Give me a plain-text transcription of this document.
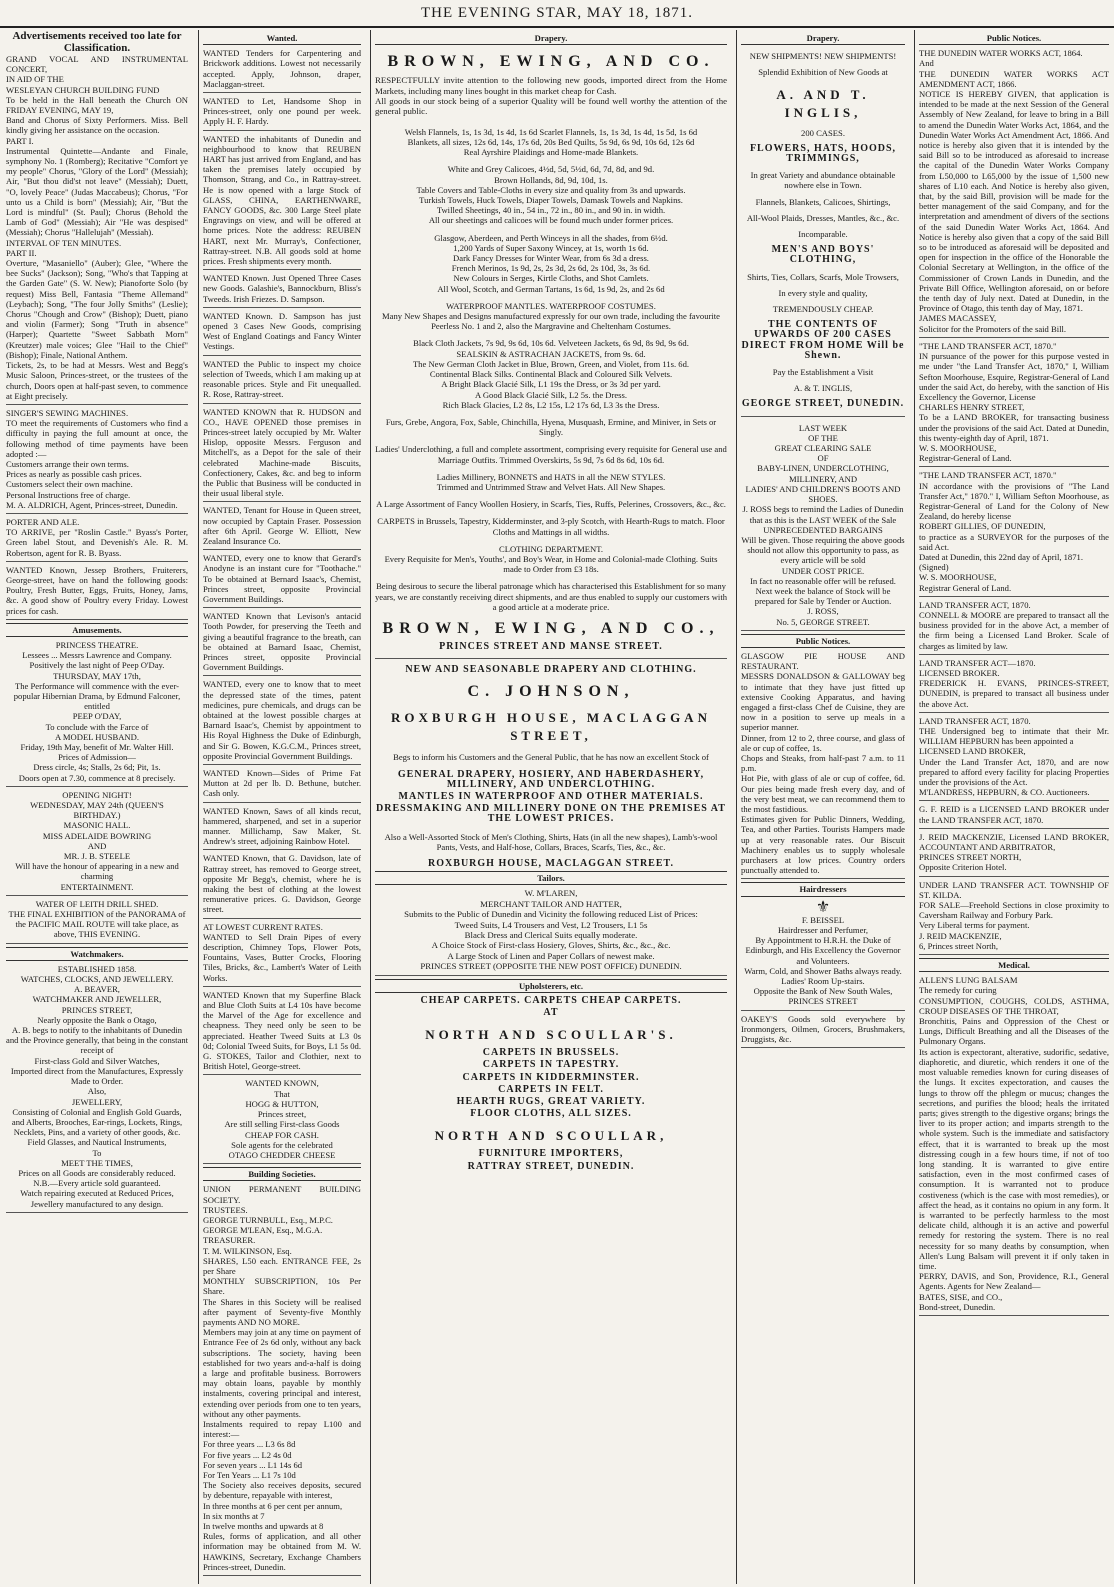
THE EVENING STAR, MAY 18, 1871.
Advertisements received too late for Classification.
GRAND VOCAL AND INSTRUMENTAL CONCERT,
IN AID OF THE
WESLEYAN CHURCH BUILDING FUND
To be held in the Hall beneath the Church ON FRIDAY EVENING, MAY 19,
Band and Chorus of Sixty Performers. Miss. Bell kindly giving her assistance on the occasion.
PART I.
Instrumental Quintette—Andante and Finale, symphony No. 1 (Romberg); Recitative "Comfort ye my people" Chorus, "Glory of the Lord" (Messiah); Air, "But thou did'st not leave" (Messiah); Duett, "O, lovely Peace" (Judas Maccabeus); Chorus, "For unto us a Child is born" (Messiah); Air, "But the Lord is mindful" (St. Paul); Chorus (Behold the Lamb of God" (Messiah); Air "He was despised" (Messiah); Chorus "Hallelujah" (Messiah).
INTERVAL OF TEN MINUTES.
PART II.
Overture, "Masaniello" (Auber); Glee, "Where the bee Sucks" (Jackson); Song, "Who's that Tapping at the Garden Gate" (S. W. New); Pianoforte Solo (by request) Miss Bell, Fantasia "Theme Allemand" (Leybach); Song, "The four Jolly Smiths" (Leslie); Chorus "Chough and Crow" (Bishop); Duett, piano and violin (Farmer); Song "Truth in absence" (Harper); Quartette "Sweet Sabbath Morn" (Kreutzer) male voices; Glee "Hail to the Chief" (Bishop); Finale, National Anthem.
Tickets, 2s, to be had at Messrs. West and Begg's Music Saloon, Princes-street, or the trustees of the church, Doors open at half-past seven, to commence at Eight precisely.
SINGER'S SEWING MACHINES.
TO meet the requirements of Customers who find a difficulty in paying the full amount at once, the following method of time payments have been adopted :—
Customers arrange their own terms.
Prices as nearly as possible cash prices.
Customers select their own machine.
Personal Instructions free of charge.
M. A. ALDRICH, Agent, Princes-street, Dunedin.
PORTER AND ALE.
TO ARRIVE, per "Roslin Castle." Byass's Porter, Green label Stout, and Devenish's Ale. R. M. Robertson, agent for R. B. Byass.
WANTED Known, Jessep Brothers, Fruiterers, George-street, have on hand the following goods: Poultry, Fresh Butter, Eggs, Fruits, Honey, Jams, &c. A good show of Poultry every Friday. Lowest prices for cash.
Amusements.
PRINCESS THEATRE.
Lessees ... Messrs Lawrence and Company.
Positively the last night of Peep O'Day.
THURSDAY, MAY 17th,
The Performance will commence with the ever-popular Hibernian Drama, by Edmund Falconer, entitled
PEEP O'DAY,
To conclude with the Farce of
A MODEL HUSBAND.
Friday, 19th May, benefit of Mr. Walter Hill.
Prices of Admission—
Dress circle, 4s; Stalls, 2s 6d; Pit, 1s.
Doors open at 7.30, commence at 8 precisely.
OPENING NIGHT!
WEDNESDAY, MAY 24th (QUEEN'S BIRTHDAY.)
MASONIC HALL.
MISS ADELAIDE BOWRING
AND
MR. J. B. STEELE
Will have the honour of appearing in a new and charming
ENTERTAINMENT.
WATER OF LEITH DRILL SHED.
THE FINAL EXHIBITION of the PANORAMA of the PACIFIC MAIL ROUTE will take place, as above, THIS EVENING.
Watchmakers.
ESTABLISHED 1858.
WATCHES, CLOCKS, AND JEWELLERY.
A. BEAVER,
WATCHMAKER AND JEWELLER,
PRINCES STREET,
Nearly opposite the Bank o Otago,
A. B. begs to notify to the inhabitants of Dunedin and the Province generally, that being in the constant receipt of
First-class Gold and Silver Watches,
Imported direct from the Manufactures, Expressly Made to Order.
Also,
JEWELLERY,
Consisting of Colonial and English Gold Guards, and Alberts, Brooches, Ear-rings, Lockets, Rings, Necklets, Pins, and a variety of other goods, &c.
Field Glasses, and Nautical Instruments,
To
MEET THE TIMES,
Prices on all Goods are considerably reduced.
N.B.—Every article sold guaranteed.
Watch repairing executed at Reduced Prices,
Jewellery manufactured to any design.
Wanted.
WANTED Tenders for Carpentering and Brickwork additions. Lowest not necessarily accepted. Apply, Johnson, draper, Maclaggan-street.
WANTED to Let, Handsome Shop in Princes-street, only one pound per week. Apply H. F. Hardy.
WANTED the inhabitants of Dunedin and neighbourhood to know that REUBEN HART has just arrived from England, and has taken the premises lately occupied by Thomson, Strang, and Co., in Rattray-street. He is now opened with a large Stock of GLASS, CHINA, EARTHENWARE, FANCY GOODS, &c. 300 Large Steel plate Engravings on view, and will be offered at home prices. Note the address: REUBEN HART, next Mr. Murray's, Confectioner, Rattray-street. N.B. All goods sold at home prices. Fresh shipments every month.
WANTED Known. Just Opened Three Cases new Goods. Galashie's, Bannockburn, Bliss's Tweeds. Irish Friezes. D. Sampson.
WANTED Known. D. Sampson has just opened 3 Cases New Goods, comprising West of England Coatings and Fancy Winter Vestings.
WANTED the Public to inspect my choice selection of Tweeds, which I am making up at reasonable prices. Style and Fit unequalled. R. Rose, Rattray-street.
WANTED KNOWN that R. HUDSON and CO., HAVE OPENED those premises in Princes-street lately occupied by Mr. Walter Hislop, opposite Messrs. Ferguson and Mitchell's, as a Depot for the sale of their celebrated Machine-made Biscuits, Confectionery, Cakes, &c. and beg to inform the Public that Business will be conducted in their usual liberal style.
WANTED, Tenant for House in Queen street, now occupied by Captain Fraser. Possession after 6th April. George W. Elliott, New Zealand Insurance Co.
WANTED, every one to know that Gerard's Anodyne is an instant cure for "Toothache." To be obtained at Bernard Isaac's, Chemist, Princes street, opposite Provincial Government Buildings.
WANTED Known that Levison's antacid Tooth Powder, for preserving the Teeth and giving a beautiful fragrance to the breath, can be obtained at Barnard Isaac, Chemist, Princes street, opposite Provincial Government Buildings.
WANTED, every one to know that to meet the depressed state of the times, patent medicines, pure chemicals, and drugs can be obtained at the lowest possible charges at Barnard Isaac's, Chemist by appointment to His Royal Highness the Duke of Edinburgh, and Sir G. Bowen, K.G.C.M., Princes street, opposite Provincial Government Buildings.
WANTED Known—Sides of Prime Fat Mutton at 2d per lb. D. Bethune, butcher. Cash only.
WANTED Known, Saws of all kinds recut, hammered, sharpened, and set in a superior manner. Millichamp, Saw Maker, St. Andrew's street, adjoining Rainbow Hotel.
WANTED Known, that G. Davidson, late of Rattray street, has removed to George street, opposite Mr Begg's, chemist, where he is making the best of clothing at the lowest remunerative prices. G. Davidson, George street.
AT LOWEST CURRENT RATES.
WANTED to Sell Drain Pipes of every description, Chimney Tops, Flower Pots, Fountains, Vases, Butter Crocks, Flooring Tiles, Bricks, &c., Lambert's Water of Leith Works.
WANTED Known that my Superfine Black and Blue Cloth Suits at L4 10s have become the Marvel of the Age for excellence and cheapness. They need only be seen to be appreciated. Heather Tweed Suits at L3 0s 0d; Colonial Tweed Suits, for Boys, L1 5s 0d. G. STOKES, Tailor and Clothier, next to British Hotel, George-street.
WANTED KNOWN,
That
HOGG & HUTTON,
Princes street,
Are still selling First-class Goods
CHEAP FOR CASH.
Sole agents for the celebrated
OTAGO CHEDDER CHEESE
Building Societies.
UNION PERMANENT BUILDING SOCIETY.
TRUSTEES.
GEORGE TURNBULL, Esq., M.P.C.
GEORGE M'LEAN, Esq., M.G.A.
TREASURER.
T. M. WILKINSON, Esq.
SHARES, L50 each. ENTRANCE FEE, 2s per Share
MONTHLY SUBSCRIPTION, 10s Per Share.
The Shares in this Society will be realised after payment of Seventy-five Monthly payments AND NO MORE.
Members may join at any time on payment of Entrance Fee of 2s 6d only, without any back subscriptions. The society, having been established for two years and-a-half is doing a large and profitable business. Borrowers may obtain loans, payable by monthly instalments, covering principal and interest, extending over periods from one to ten years, without any other payments.
Instalments required to repay L100 and interest:—
For three years ... L3 6s 8d
For five years ... L2 4s 0d
For seven years ... L1 14s 6d
For Ten Years ... L1 7s 10d
The Society also receives deposits, secured by debenture, repayable with interest,
In three months at 6 per cent per annum,
In six months at 7
In twelve months and upwards at 8
Rules, forms of application, and all other information may be obtained from M. W. HAWKINS, Secretary, Exchange Chambers Princes-street, Dunedin.
Drapery.
BROWN, EWING, AND CO.
RESPECTFULLY invite attention to the following new goods, imported direct from the Home Markets, including many lines bought in this market cheap for Cash.
All goods in our stock being of a superior Quality will be found well worthy the attention of the general public.
Welsh Flannels, 1s, 1s 3d, 1s 4d, 1s 6d Scarlet Flannels, 1s, 1s 3d, 1s 4d, 1s 5d, 1s 6d
Blankets, all sizes, 12s 6d, 14s, 17s 6d, 20s Bed Quilts, 5s 9d, 6s 9d, 10s 6d, 12s 6d
Real Ayrshire Plaidings and Home-made Blankets.
White and Grey Calicoes, 4½d, 5d, 5½d, 6d, 7d, 8d, and 9d.
Brown Hollands, 8d, 9d, 10d, 1s.
Table Covers and Table-Cloths in every size and quality from 3s and upwards.
Turkish Towels, Huck Towels, Diaper Towels, Damask Towels and Napkins.
Twilled Sheetings, 40 in., 54 in., 72 in., 80 in., and 90 in. in width.
All our sheetings and calicoes will be found much under former prices.
Glasgow, Aberdeen, and Perth Winceys in all the shades, from 6½d.
1,200 Yards of Super Saxony Wincey, at 1s, worth 1s 6d.
Dark Fancy Dresses for Winter Wear, from 6s 3d a dress.
French Merinos, 1s 9d, 2s, 2s 3d, 2s 6d, 2s 10d, 3s, 3s 6d.
New Colours in Serges, Kirtle Cloths, and Shot Camlets.
All Wool, Scotch, and German Tartans, 1s 6d, 1s 9d, 2s, and 2s 6d
WATERPROOF MANTLES. WATERPROOF COSTUMES.
Many New Shapes and Designs manufactured expressly for our own trade, including the favourite Peerless No. 1 and 2, also the Margravine and Cheltenham Costumes.
Black Cloth Jackets, 7s 9d, 9s 6d, 10s 6d. Velveteen Jackets, 6s 9d, 8s 9d, 9s 6d.
SEALSKIN & ASTRACHAN JACKETS, from 9s. 6d.
The New German Cloth Jacket in Blue, Brown, Green, and Violet, from 11s. 6d.
Continental Black Silks. Continental Black and Coloured Silk Velvets.
A Bright Black Glacié Silk, L1 19s the Dress, or 3s 3d per yard.
A Good Black Glacié Silk, L2 5s. the Dress.
Rich Black Glacies, L2 8s, L2 15s, L2 17s 6d, L3 3s the Dress.
Furs, Grebe, Angora, Fox, Sable, Chinchilla, Hyena, Musquash, Ermine, and Miniver, in Sets or Singly.
Ladies' Underclothing, a full and complete assortment, comprising every requisite for General use and Marriage Outfits. Trimmed Overskirts, 5s 9d, 7s 6d 8s 6d, 10s 6d.
Ladies Millinery, BONNETS and HATS in all the NEW STYLES.
Trimmed and Untrimmed Straw and Velvet Hats. All New Shapes.
A Large Assortment of Fancy Woollen Hosiery, in Scarfs, Ties, Ruffs, Pelerines, Crossovers, &c., &c.
CARPETS in Brussels, Tapestry, Kidderminster, and 3-ply Scotch, with Hearth-Rugs to match. Floor Cloths and Mattings in all widths.
CLOTHING DEPARTMENT.
Every Requisite for Men's, Youths', and Boy's Wear, in Home and Colonial-made Clothing. Suits made to Order from £3 18s.
Being desirous to secure the liberal patronage which has characterised this Establishment for so many years, we are constantly receiving direct shipments, and are thus enabled to supply our customers with a good article at a moderate price.
BROWN, EWING, AND CO.,
PRINCES STREET AND MANSE STREET.
NEW AND SEASONABLE DRAPERY AND CLOTHING.
C. JOHNSON,
ROXBURGH HOUSE, MACLAGGAN STREET,
Begs to inform his Customers and the General Public, that he has now an excellent Stock of
GENERAL DRAPERY, HOSIERY, AND HABERDASHERY, MILLINERY, AND UNDERCLOTHING.
MANTLES IN WATERPROOF AND OTHER MATERIALS.
DRESSMAKING AND MILLINERY DONE ON THE PREMISES AT THE LOWEST PRICES.
Also a Well-Assorted Stock of Men's Clothing, Shirts, Hats (in all the new shapes), Lamb's-wool Pants, Vests, and Half-hose, Collars, Braces, Scarfs, Ties, &c., &c.
ROXBURGH HOUSE, MACLAGGAN STREET.
Tailors.
W. M'LAREN,
MERCHANT TAILOR AND HATTER,
Submits to the Public of Dunedin and Vicinity the following reduced List of Prices:
Tweed Suits, L4 Trousers and Vest, L2 Trousers, L1 5s
Black Dress and Clerical Suits equally moderate.
A Choice Stock of First-class Hosiery, Gloves, Shirts, &c., &c., &c.
A Large Stock of Linen and Paper Collars of newest make.
PRINCES STREET (OPPOSITE THE NEW POST OFFICE) DUNEDIN.
Upholsterers, etc.
CHEAP CARPETS. CARPETS CHEAP CARPETS.
AT
NORTH AND SCOULLAR'S.
CARPETS IN BRUSSELS.
CARPETS IN TAPESTRY.
CARPETS IN KIDDERMINSTER.
CARPETS IN FELT.
HEARTH RUGS, GREAT VARIETY.
FLOOR CLOTHS, ALL SIZES.
NORTH AND SCOULLAR,
FURNITURE IMPORTERS,
RATTRAY STREET, DUNEDIN.
Drapery.
NEW SHIPMENTS! NEW SHIPMENTS!
Splendid Exhibition of New Goods at
A. AND T. INGLIS,
200 CASES.
FLOWERS, HATS, HOODS, TRIMMINGS,
In great Variety and abundance obtainable nowhere else in Town.
Flannels, Blankets, Calicoes, Shirtings,
All-Wool Plaids, Dresses, Mantles, &c., &c.
Incomparable.
MEN'S AND BOYS' CLOTHING,
Shirts, Ties, Collars, Scarfs, Mole Trowsers,
In every style and quality,
TREMENDOUSLY CHEAP.
THE CONTENTS OF UPWARDS OF 200 CASES DIRECT FROM HOME Will be Shewn.
Pay the Establishment a Visit
A. & T. INGLIS,
GEORGE STREET, DUNEDIN.
LAST WEEK
OF THE
GREAT CLEARING SALE
OF
BABY-LINEN, UNDERCLOTHING, MILLINERY, AND
LADIES' AND CHILDREN'S BOOTS AND SHOES.
J. ROSS begs to remind the Ladies of Dunedin that as this is the LAST WEEK of the Sale
UNPRECEDENTED BARGAINS
Will be given. Those requiring the above goods should not allow this opportunity to pass, as every article will be sold
UNDER COST PRICE.
In fact no reasonable offer will be refused.
Next week the balance of Stock will be prepared for Sale by Tender or Auction.
J. ROSS,
No. 5, GEORGE STREET.
Public Notices.
GLASGOW PIE HOUSE AND RESTAURANT.
MESSRS DONALDSON & GALLOWAY beg to intimate that they have just fitted up extensive Cooking Apparatus, and having engaged a first-class Chef de Cuisine, they are now in a position to serve up meals in a superior manner.
Dinner, from 12 to 2, three course, and glass of ale or cup of coffee, 1s.
Chops and Steaks, from half-past 7 a.m. to 11 p.m.
Hot Pie, with glass of ale or cup of coffee, 6d. Our pies being made fresh every day, and of the very best meat, we can recommend them to the most fastidious.
Estimates given for Public Dinners, Wedding, Tea, and other Parties. Tourists Hampers made up at very reasonable rates. Our Biscuit Machinery enables us to supply wholesale purchasers at low prices. Country orders punctually attended to.
Hairdressers
⚜
F. BEISSEL
Hairdresser and Perfumer,
By Appointment to H.R.H. the Duke of Edinburgh, and His Excellency the Governor and Volunteers.
Warm, Cold, and Shower Baths always ready.
Ladies' Room Up-stairs.
Opposite the Bank of New South Wales,
PRINCES STREET
OAKEY'S Goods sold everywhere by Ironmongers, Oilmen, Grocers, Brushmakers, Druggists, &c.
Public Notices.
THE DUNEDIN WATER WORKS ACT, 1864.
And
THE DUNEDIN WATER WORKS ACT AMENDMENT ACT, 1866.
NOTICE IS HEREBY GIVEN, that application is intended to be made at the next Session of the General Assembly of New Zealand, for leave to bring in a Bill to amend the Dunedin Water Works Act, 1864, and the Dunedin Water Works Act Amendment Act, 1866. And notice is hereby also given that it is intended by the said Bill so to be introduced as aforesaid to increase the capital of the Dunedin Water Works Company from L50,000 to L65,000 by the issue of 1,500 new shares of L10 each. And Notice is hereby also given, that, by the said Bill, provision will be made for the better management of the said Company, and for the interpretation and amendment of divers of the sections of the said Dunedin Water Works Act, 1864. And Notice is hereby also given that a copy of the said Bill so to be introduced as aforesaid will be deposited and open for inspection in the office of the Honorable the Colonial Secretary at Wellington, in the office of the Commissioner of Crown Lands in Dunedin, and the Private Bill Office, Wellington aforesaid, on or before the tenth day of July next. Dated at Dunedin, in the Province of Otago, this tenth day of May, 1871.
JAMES MACASSEY,
Solicitor for the Promoters of the said Bill.
"THE LAND TRANSFER ACT, 1870."
IN pursuance of the power for this purpose vested in me under "the Land Transfer Act, 1870," I, William Sefton Moorhouse, Esquire, Registrar-General of Land under the said Act, do hereby, with the sanction of His Excellency the Governor, License
CHARLES HENRY STREET,
To be a LAND BROKER, for transacting business under the provisions of the said Act. Dated at Dunedin, this twenty-eighth day of April, 1871.
W. S. MOORHOUSE,
Registrar-General of Land.
"THE LAND TRANSFER ACT, 1870."
IN accordance with the provisions of "The Land Transfer Act," 1870." I, William Sefton Moorhouse, as Registrar-General of Land for the Colony of New Zealand, do hereby license
ROBERT GILLIES, OF DUNEDIN,
to practice as a SURVEYOR for the purposes of the said Act.
Dated at Dunedin, this 22nd day of April, 1871.
(Signed)
W. S. MOORHOUSE,
Registrar General of Land.
LAND TRANSFER ACT, 1870.
CONNELL & MOORE are prepared to transact all the business provided for in the above Act, a member of the firm being a Licensed Land Broker. Scale of charges as limited by law.
LAND TRANSFER ACT—1870.
LICENSED BROKER.
FREDERICK H. EVANS, PRINCES-STREET, DUNEDIN, is prepared to transact all business under the above Act.
LAND TRANSFER ACT, 1870.
THE Undersigned beg to intimate that their Mr. WILLIAM HEPBURN has been appointed a
LICENSED LAND BROKER,
Under the Land Transfer Act, 1870, and are now prepared to afford every facility for placing Properties under the provisions of the Act.
M'LANDRESS, HEPBURN, & CO. Auctioneers.
G. F. REID is a LICENSED LAND BROKER under the LAND TRANSFER ACT, 1870.
J. REID MACKENZIE, Licensed LAND BROKER, ACCOUNTANT AND ARBITRATOR,
PRINCES STREET NORTH,
Opposite Criterion Hotel.
UNDER LAND TRANSFER ACT. TOWNSHIP OF ST. KILDA.
FOR SALE—Freehold Sections in close proximity to Caversham Railway and Forbury Park.
Very Liberal terms for payment.
J. REID MACKENZIE,
6, Princes street North,
Medical.
ALLEN'S LUNG BALSAM
The remedy for curing
CONSUMPTION, COUGHS, COLDS, ASTHMA, CROUP DISEASES OF THE THROAT,
Bronchitis, Pains and Oppression of the Chest or Lungs, Difficult Breathing and all the Diseases of the Pulmonary Organs.
Its action is expectorant, alterative, sudorific, sedative, diaphoretic, and diuretic, which renders it one of the most valuable remedies known for curing diseases of the lungs. It excites expectoration, and causes the lungs to throw off the phlegm or mucus; changes the secretions, and purifies the blood; heals the irritated parts; gives strength to the digestive organs; brings the liver to its proper action; and imparts strength to the whole system. Such is the immediate and satisfactory effect, that it is warranted to break up the most distressing cough in a few hours time, if not of too long standing. It is warranted to give entire satisfaction, even in the most confirmed cases of consumption. It is warranted not to produce costiveness (which is the case with most remedies), or affect the head, as it contains no opium in any form. It is warranted to be perfectly harmless to the most delicate child, although it is an active and powerful remedy for restoring the system. There is no real necessity for so many deaths by consumption, when Allen's Lung Balsam will prevent it if only taken in time.
PERRY, DAVIS, and Son, Providence, R.I., General Agents. Agents for New Zealand—
BATES, SISE, and CO.,
Bond-street, Dunedin.
